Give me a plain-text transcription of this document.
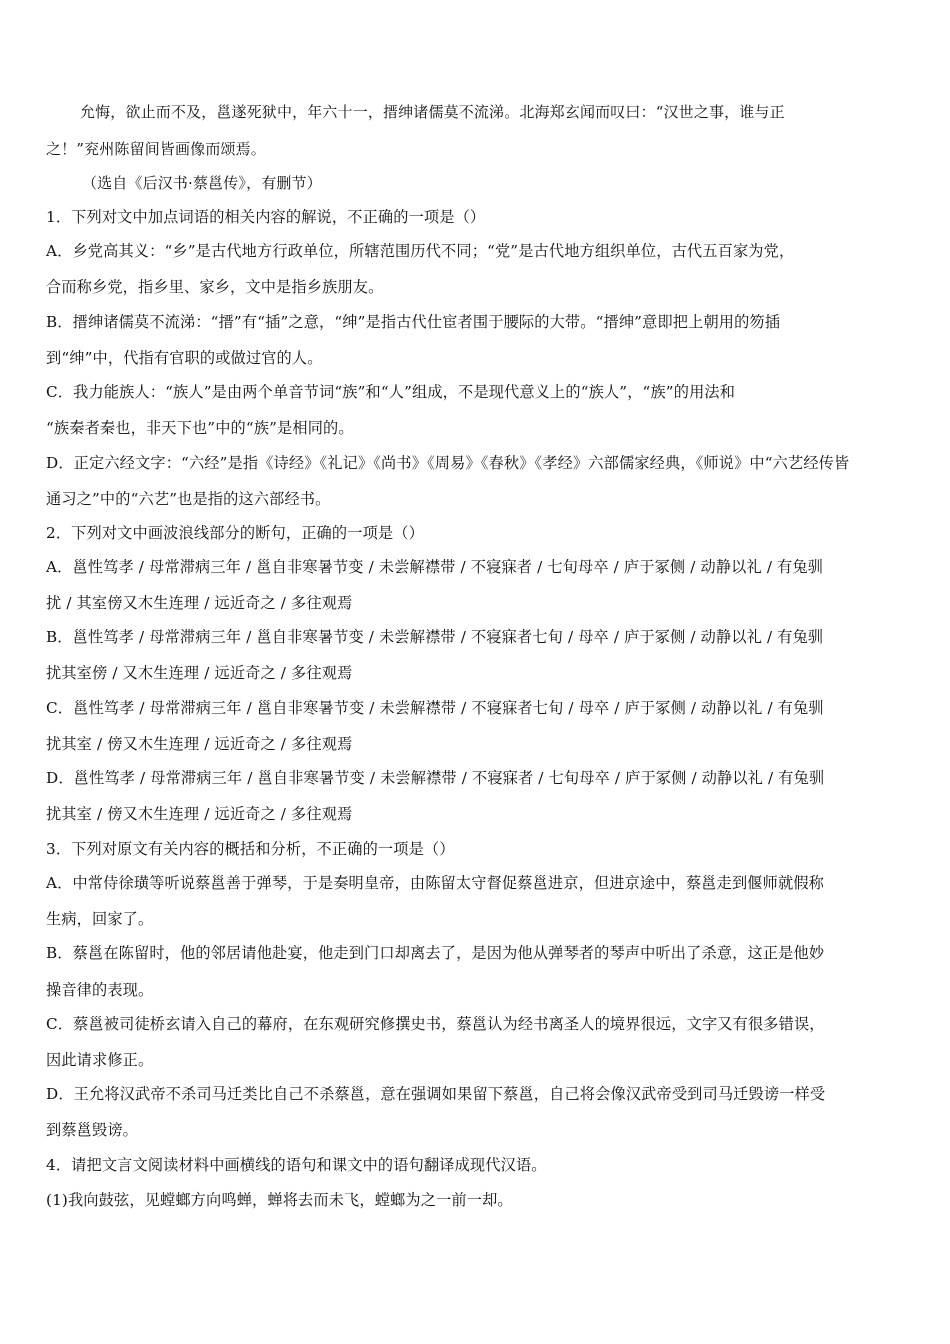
允悔，欲止而不及，邕遂死狱中，年六十一，搢绅诸儒莫不流涕。北海郑玄闻而叹曰：“汉世之事，谁与正
之！”兖州陈留间皆画像而颂焉。
（选自《后汉书·蔡邕传》，有删节）
1．下列对文中加点词语的相关内容的解说，不正确的一项是（）
A．乡党高其义：“乡”是古代地方行政单位，所辖范围历代不同；“党”是古代地方组织单位，古代五百家为党，
合而称乡党，指乡里、家乡，文中是指乡族朋友。
B．搢绅诸儒莫不流涕：“搢”有“插”之意，“绅”是指古代仕宦者围于腰际的大带。“搢绅”意即把上朝用的笏插
到“绅”中，代指有官职的或做过官的人。
C．我力能族人：“族人”是由两个单音节词“族”和“人”组成，不是现代意义上的“族人”，“族”的用法和
“族秦者秦也，非天下也”中的“族”是相同的。
D．正定六经文字：“六经”是指《诗经》《礼记》《尚书》《周易》《春秋》《孝经》六部儒家经典，《师说》中“六艺经传皆
通习之”中的“六艺”也是指的这六部经书。
2．下列对文中画波浪线部分的断句，正确的一项是（）
A．邕性笃孝 / 母常滞病三年 / 邕自非寒暑节变 / 未尝解襟带 / 不寝寐者 / 七旬母卒 / 庐于冢侧 / 动静以礼 / 有兔驯
扰 / 其室傍又木生连理 / 远近奇之 / 多往观焉
B．邕性笃孝 / 母常滞病三年 / 邕自非寒暑节变 / 未尝解襟带 / 不寝寐者七旬 / 母卒 / 庐于冢侧 / 动静以礼 / 有兔驯
扰其室傍 / 又木生连理 / 远近奇之 / 多往观焉
C．邕性笃孝 / 母常滞病三年 / 邕自非寒暑节变 / 未尝解襟带 / 不寝寐者七旬 / 母卒 / 庐于冢侧 / 动静以礼 / 有兔驯
扰其室 / 傍又木生连理 / 远近奇之 / 多往观焉
D．邕性笃孝 / 母常滞病三年 / 邕自非寒暑节变 / 未尝解襟带 / 不寝寐者 / 七旬母卒 / 庐于冢侧 / 动静以礼 / 有兔驯
扰其室 / 傍又木生连理 / 远近奇之 / 多往观焉
3．下列对原文有关内容的概括和分析，不正确的一项是（）
A．中常侍徐璜等听说蔡邕善于弹琴，于是奏明皇帝，由陈留太守督促蔡邕进京，但进京途中，蔡邕走到偃师就假称
生病，回家了。
B．蔡邕在陈留时，他的邻居请他赴宴，他走到门口却离去了，是因为他从弹琴者的琴声中听出了杀意，这正是他妙
操音律的表现。
C．蔡邕被司徒桥玄请入自己的幕府，在东观研究修撰史书，蔡邕认为经书离圣人的境界很远，文字又有很多错误，
因此请求修正。
D．王允将汉武帝不杀司马迁类比自己不杀蔡邕，意在强调如果留下蔡邕，自己将会像汉武帝受到司马迁毁谤一样受
到蔡邕毁谤。
4．请把文言文阅读材料中画横线的语句和课文中的语句翻译成现代汉语。
(1)我向鼓弦，见螳螂方向鸣蝉，蝉将去而未飞，螳螂为之一前一却。
